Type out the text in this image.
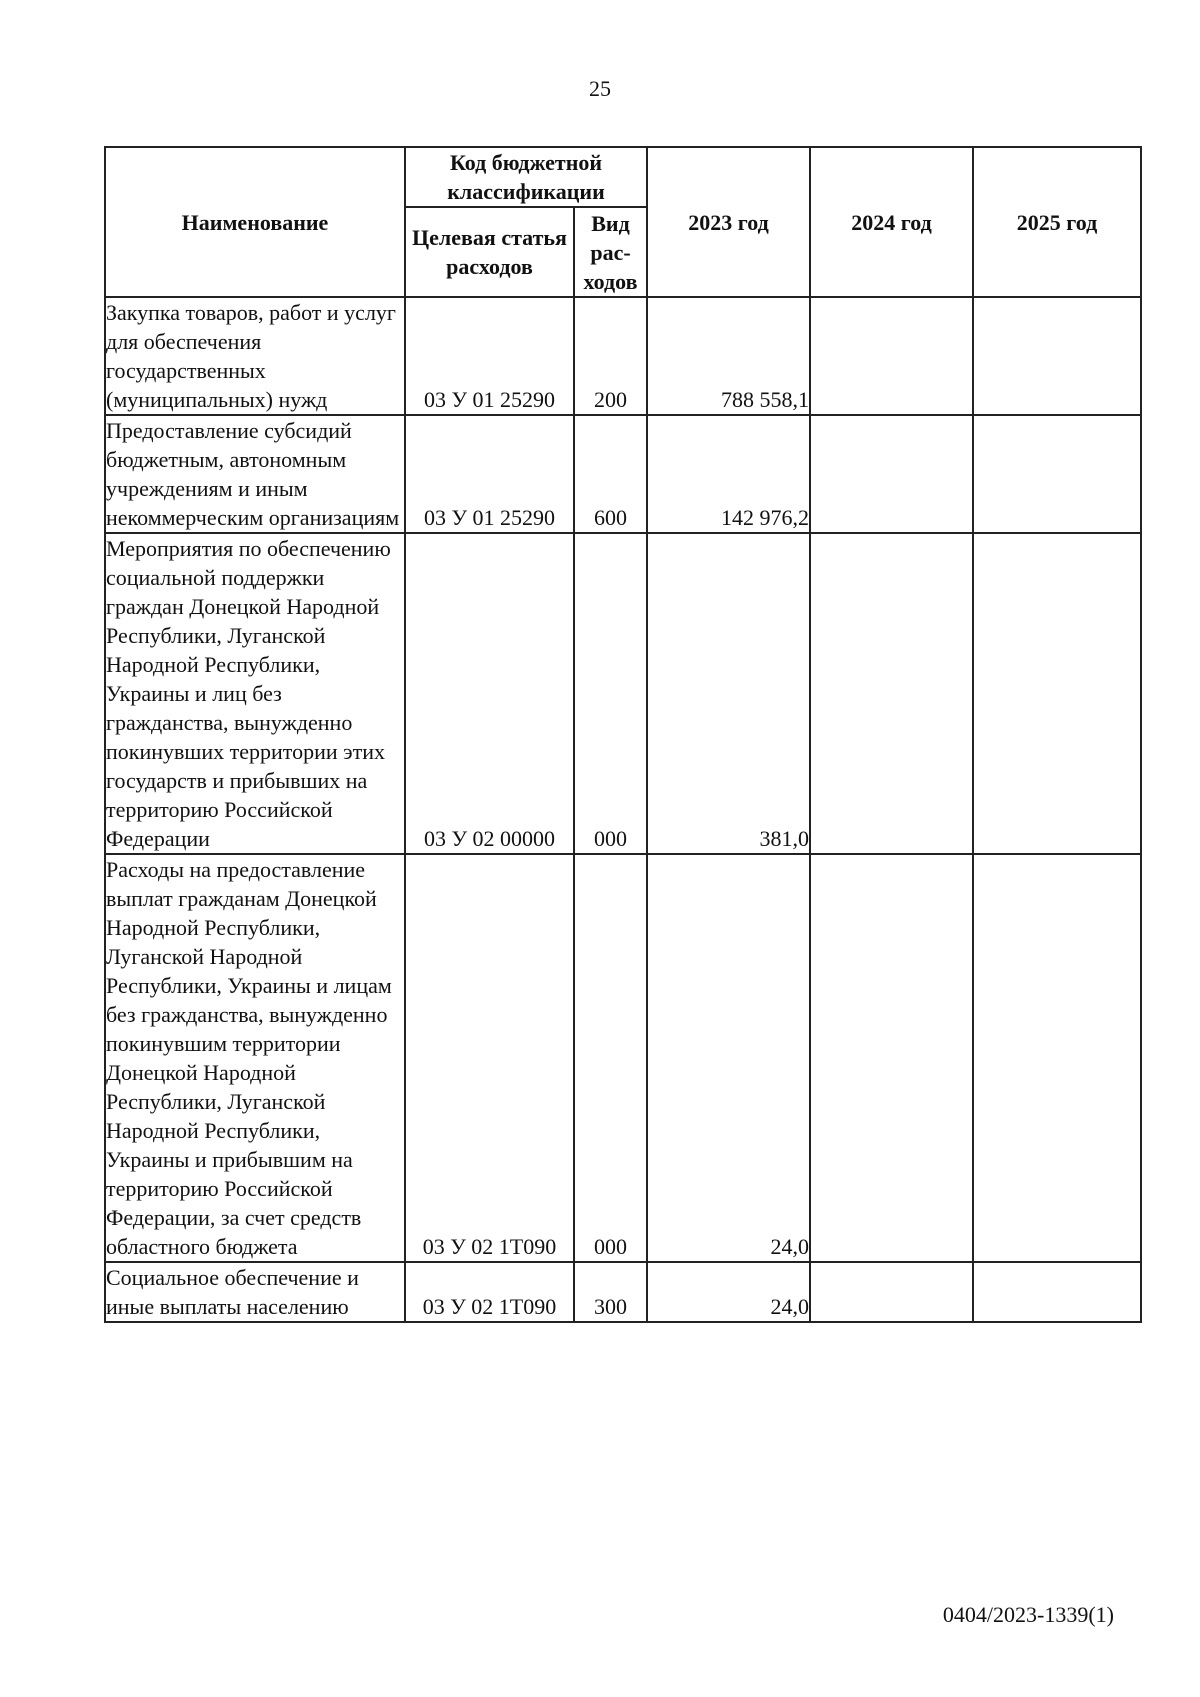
25
Наименование	Код бюджетной классификации		2023 год	2024 год	2025 год
	Целевая статья расходов	Вид рас-ходов			
Закупка товаров, работ и услуг для обеспечения государственных (муниципальных) нужд	03 У 01 25290	200	788 558,1		
Предоставление субсидий бюджетным, автономным учреждениям и иным некоммерческим организациям	03 У 01 25290	600	142 976,2		
Мероприятия по обеспечению социальной поддержки граждан Донецкой Народной Республики, Луганской Народной Республики, Украины и лиц без гражданства, вынужденно покинувших территории этих государств и прибывших на территорию Российской Федерации	03 У 02 00000	000	381,0		
Расходы на предоставление выплат гражданам Донецкой Народной Республики, Луганской Народной Республики, Украины и лицам без гражданства, вынужденно покинувшим территории Донецкой Народной Республики, Луганской Народной Республики, Украины и прибывшим на территорию Российской Федерации, за счет средств областного бюджета	03 У 02 1Т090	000	24,0		
Социальное обеспечение и иные выплаты населению	03 У 02 1Т090	300	24,0		
0404/2023-1339(1)
